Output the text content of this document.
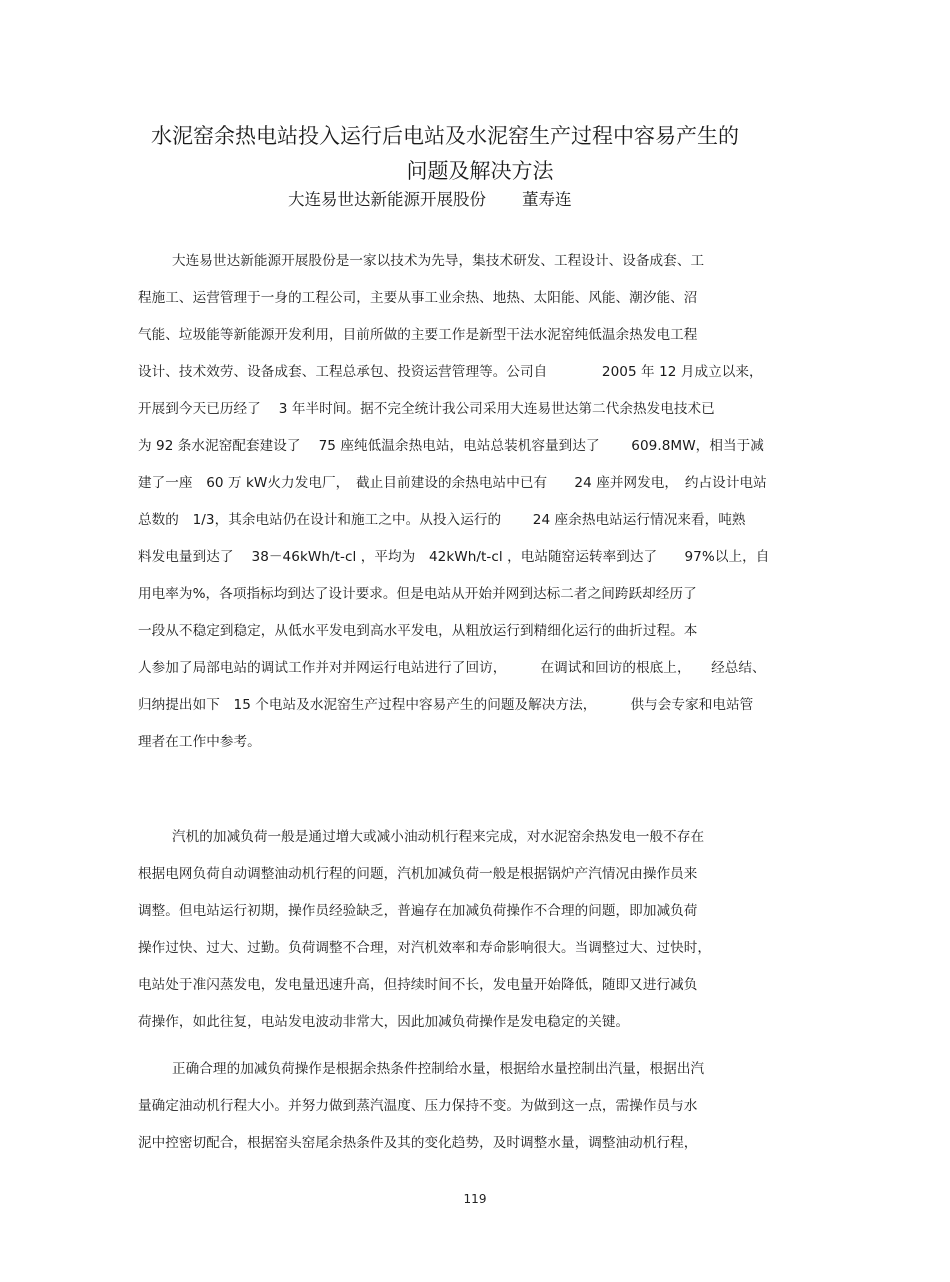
水泥窑余热电站投入运行后电站及水泥窑生产过程中容易产生的
问题及解决方法
大连易世达新能源开展股份 董寿连
大连易世达新能源开展股份是一家以技术为先导，集技术研发、工程设计、设备成套、工
程施工、运营管理于一身的工程公司，主要从事工业余热、地热、太阳能、风能、潮汐能、沼
气能、垃圾能等新能源开发利用，目前所做的主要工作是新型干法水泥窑纯低温余热发电工程
设计、技术效劳、设备成套、工程总承包、投资运营管理等。公司自　　　　2005 年 12 月成立以来，
开展到今天已历经了　 3 年半时间。据不完全统计我公司采用大连易世达第二代余热发电技术已
为 92 条水泥窑配套建设了　 75 座纯低温余热电站，电站总装机容量到达了　　 609.8MW，相当于减
建了一座　60 万 kW火力发电厂，　截止目前建设的余热电站中已有　　24 座并网发电，　约占设计电站
总数的　1/3，其余电站仍在设计和施工之中。从投入运行的　　 24 座余热电站运行情况来看，吨熟
料发电量到达了　 38－46kWh/t-cl ，平均为　42kWh/t-cl ，电站随窑运转率到达了　　97%以上，自
用电率为%，各项指标均到达了设计要求。但是电站从开始并网到达标二者之间跨跃却经历了
一段从不稳定到稳定，从低水平发电到高水平发电，从粗放运行到精细化运行的曲折过程。本
人参加了局部电站的调试工作并对并网运行电站进行了回访，　　　在调试和回访的根底上，　　经总结、
归纳提出如下　15 个电站及水泥窑生产过程中容易产生的问题及解决方法，　　　供与会专家和电站管
理者在工作中参考。
汽机的加减负荷一般是通过增大或减小油动机行程来完成，对水泥窑余热发电一般不存在
根据电网负荷自动调整油动机行程的问题，汽机加减负荷一般是根据锅炉产汽情况由操作员来
调整。但电站运行初期，操作员经验缺乏，普遍存在加减负荷操作不合理的问题，即加减负荷
操作过快、过大、过勤。负荷调整不合理，对汽机效率和寿命影响很大。当调整过大、过快时，
电站处于准闪蒸发电，发电量迅速升高，但持续时间不长，发电量开始降低，随即又进行减负
荷操作，如此往复，电站发电波动非常大，因此加减负荷操作是发电稳定的关键。
正确合理的加减负荷操作是根据余热条件控制给水量，根据给水量控制出汽量，根据出汽
量确定油动机行程大小。并努力做到蒸汽温度、压力保持不变。为做到这一点，需操作员与水
泥中控密切配合，根据窑头窑尾余热条件及其的变化趋势，及时调整水量，调整油动机行程，
119
